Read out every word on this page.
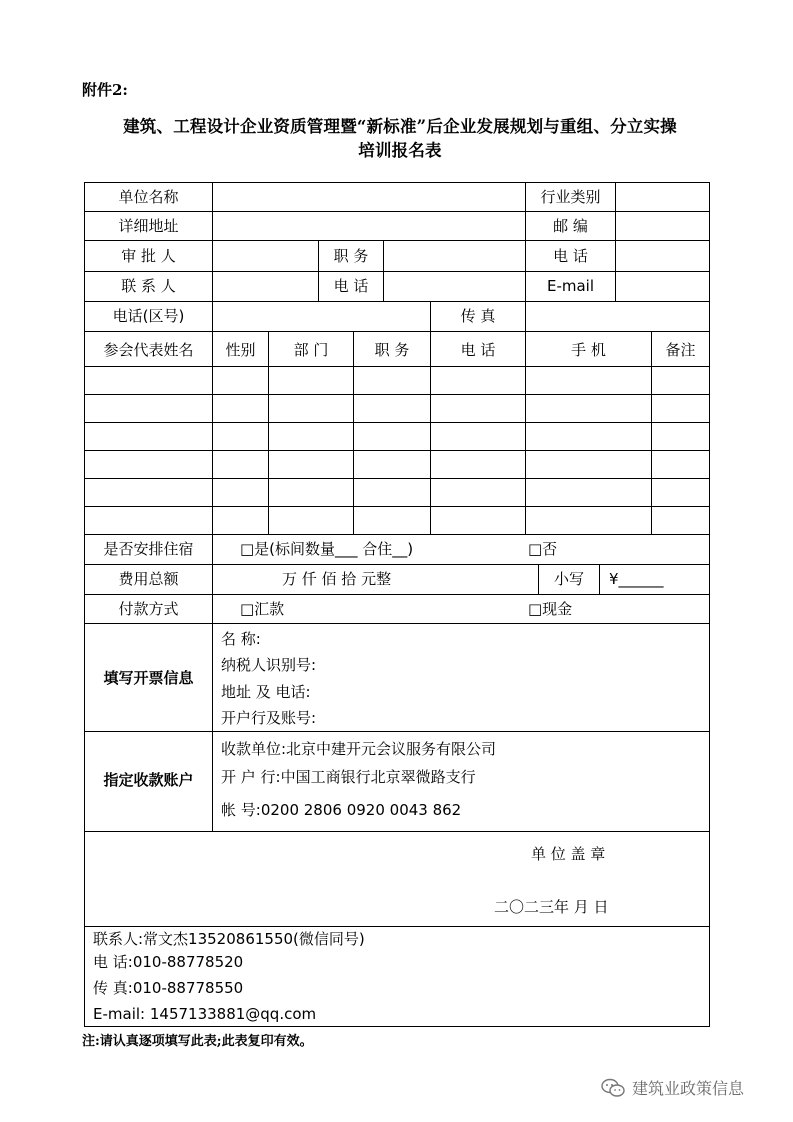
附件2:
建筑、工程设计企业资质管理暨“新标准”后企业发展规划与重组、分立实操
培训报名表
单位名称	行业类别
详细地址	邮 编
审 批 人	职 务	电 话
联 系 人	电 话	E-mail
电话(区号)	传 真
参会代表姓名	性别	部 门	职 务	电 话	手 机	备注
是否安排住宿	□是(标间数量___ 合住__)	□否
费用总额	万 仟 佰 拾 元整	小写	¥______
付款方式	□汇款	□现金
填写开票信息
名 称:
纳税人识别号:
地址 及 电话:
开户行及账号:
指定收款账户
收款单位:北京中建开元会议服务有限公司
开 户 行:中国工商银行北京翠微路支行
帐 号:0200 2806 0920 0043 862
单 位 盖 章
二〇二三年 月 日
联系人:常文杰13520861550(微信同号)
电 话:010-88778520
传 真:010-88778550
E-mail: 1457133881@qq.com
注:请认真逐项填写此表;此表复印有效。
建筑业政策信息
